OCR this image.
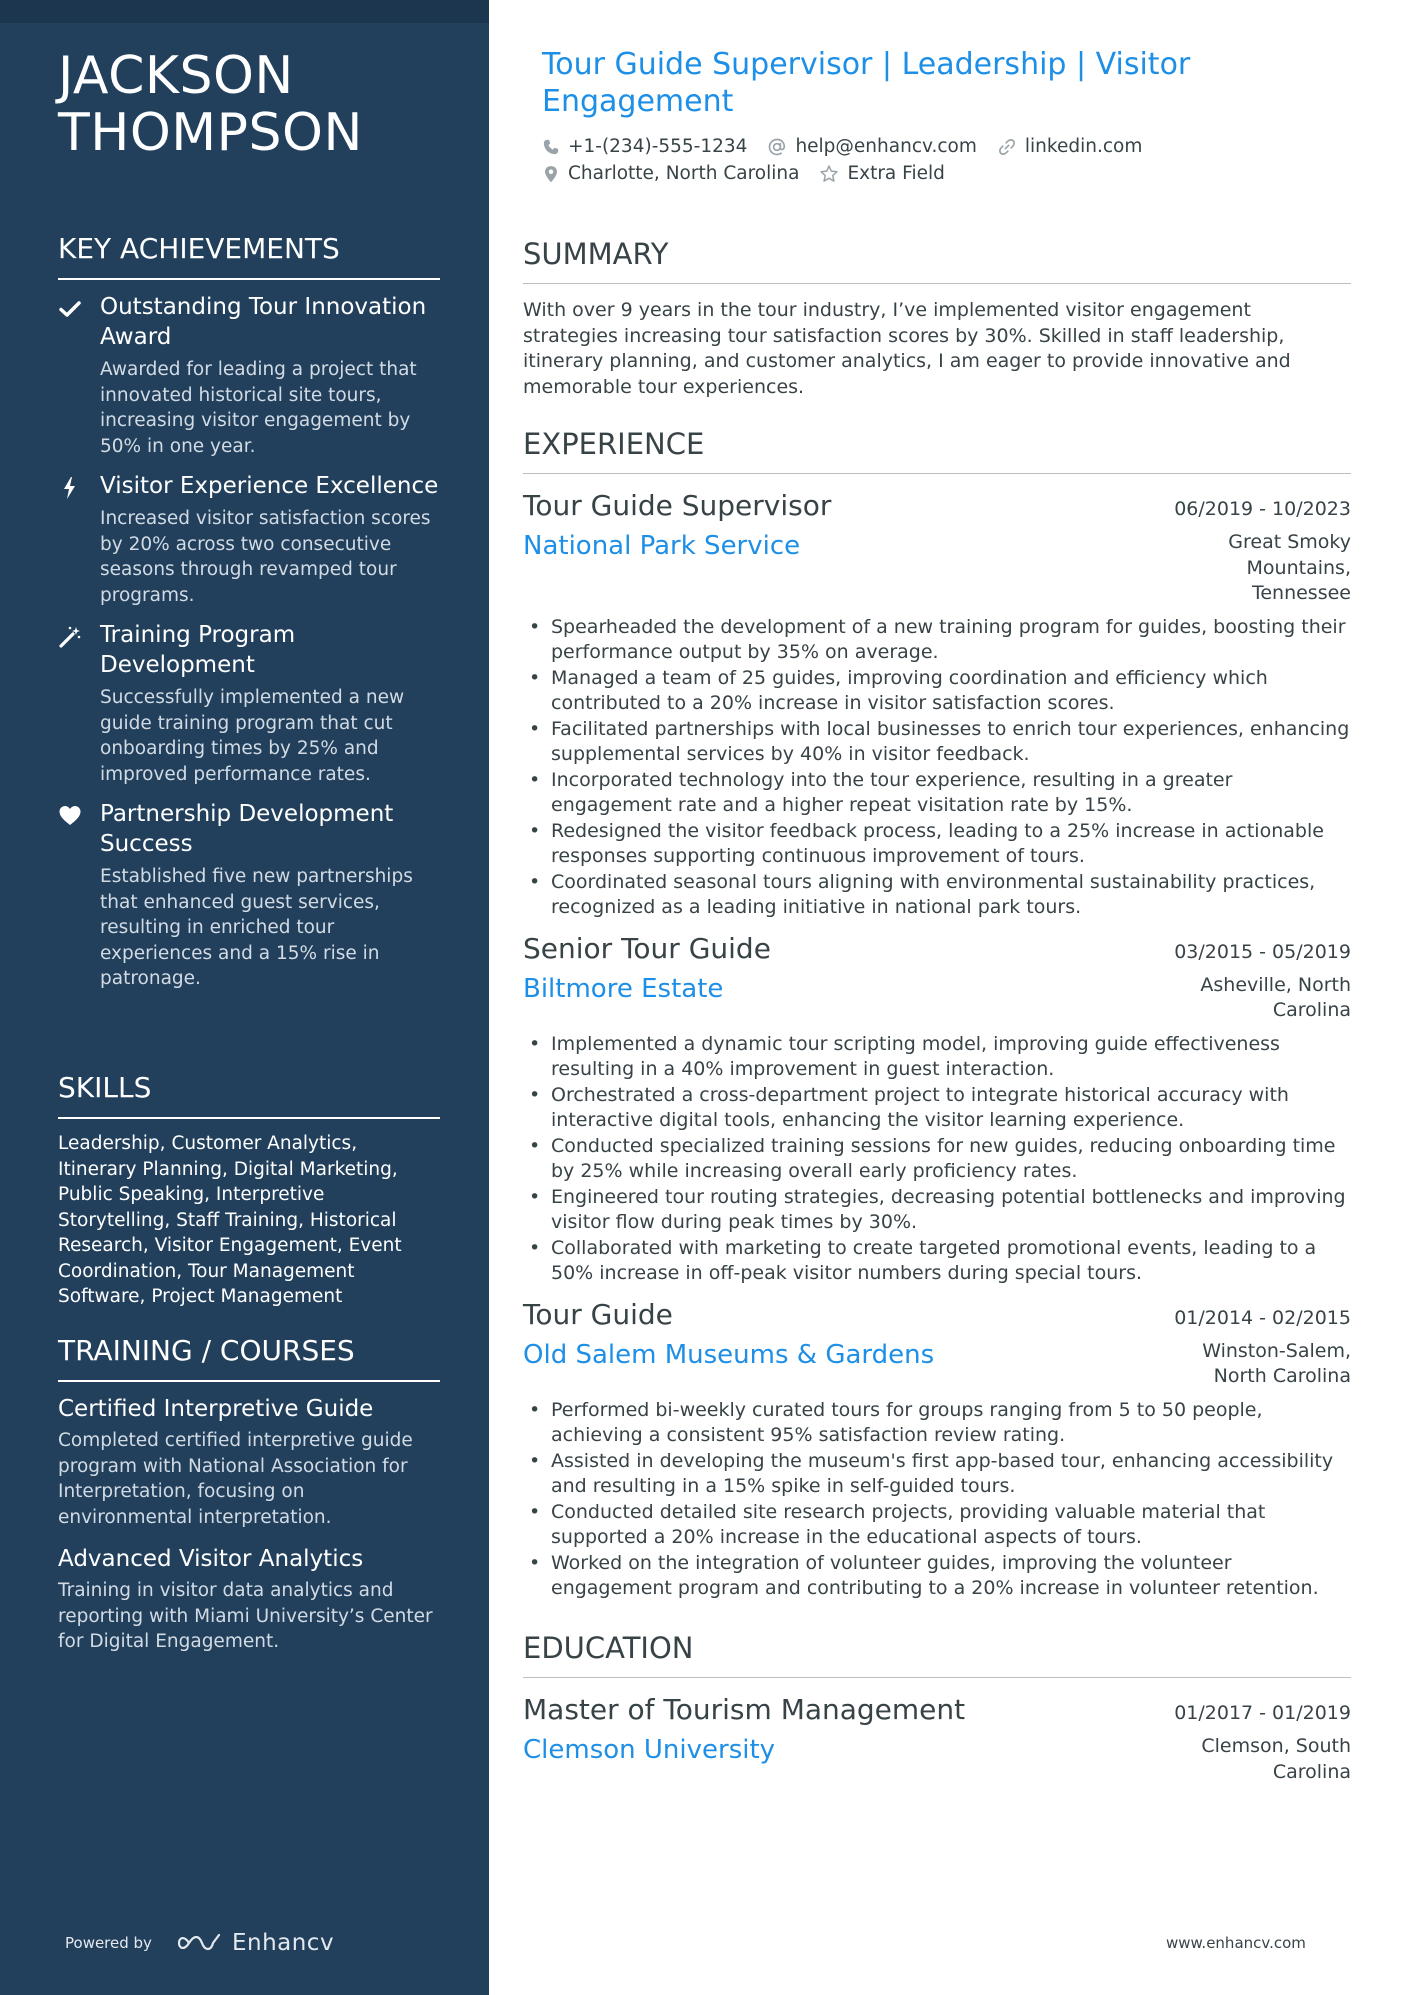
JACKSON
THOMPSON
KEY ACHIEVEMENTS
Outstanding Tour Innovation Award
Awarded for leading a project that innovated historical site tours, increasing visitor engagement by 50% in one year.
Visitor Experience Excellence
Increased visitor satisfaction scores by 20% across two consecutive seasons through revamped tour programs.
Training Program Development
Successfully implemented a new guide training program that cut onboarding times by 25% and improved performance rates.
Partnership Development Success
Established five new partnerships that enhanced guest services, resulting in enriched tour experiences and a 15% rise in patronage.
SKILLS

Leadership, Customer Analytics, Itinerary Planning, Digital Marketing, Public Speaking, Interpretive Storytelling, Staff Training, Historical Research, Visitor Engagement, Event Coordination, Tour Management Software, Project Management

TRAINING / COURSES
Certified Interpretive Guide
Completed certified interpretive guide program with National Association for Interpretation, focusing on environmental interpretation.
Advanced Visitor Analytics
Training in visitor data analytics and reporting with Miami University’s Center for Digital Engagement.
Powered by	Enhancv
Tour Guide Supervisor | Leadership | Visitor Engagement
+1-(234)-555-1234	help@enhancv.com	linkedin.com
Charlotte, North Carolina	Extra Field
SUMMARY

With over 9 years in the tour industry, I’ve implemented visitor engagement strategies increasing tour satisfaction scores by 30%. Skilled in staff leadership, itinerary planning, and customer analytics, I am eager to provide innovative and memorable tour experiences.

EXPERIENCE
Tour Guide Supervisor	06/2019 - 10/2023
National Park Service	Great Smoky Mountains, Tennessee
• Spearheaded the development of a new training program for guides, boosting their performance output by 35% on average.
• Managed a team of 25 guides, improving coordination and efficiency which contributed to a 20% increase in visitor satisfaction scores.
• Facilitated partnerships with local businesses to enrich tour experiences, enhancing supplemental services by 40% in visitor feedback.
• Incorporated technology into the tour experience, resulting in a greater engagement rate and a higher repeat visitation rate by 15%.
• Redesigned the visitor feedback process, leading to a 25% increase in actionable responses supporting continuous improvement of tours.
• Coordinated seasonal tours aligning with environmental sustainability practices, recognized as a leading initiative in national park tours.
Senior Tour Guide	03/2015 - 05/2019
Biltmore Estate	Asheville, North Carolina
• Implemented a dynamic tour scripting model, improving guide effectiveness resulting in a 40% improvement in guest interaction.
• Orchestrated a cross-department project to integrate historical accuracy with interactive digital tools, enhancing the visitor learning experience.
• Conducted specialized training sessions for new guides, reducing onboarding time by 25% while increasing overall early proficiency rates.
• Engineered tour routing strategies, decreasing potential bottlenecks and improving visitor flow during peak times by 30%.
• Collaborated with marketing to create targeted promotional events, leading to a 50% increase in off-peak visitor numbers during special tours.
Tour Guide	01/2014 - 02/2015
Old Salem Museums & Gardens	Winston-Salem, North Carolina
• Performed bi-weekly curated tours for groups ranging from 5 to 50 people, achieving a consistent 95% satisfaction review rating.
• Assisted in developing the museum's first app-based tour, enhancing accessibility and resulting in a 15% spike in self-guided tours.
• Conducted detailed site research projects, providing valuable material that supported a 20% increase in the educational aspects of tours.
• Worked on the integration of volunteer guides, improving the volunteer engagement program and contributing to a 20% increase in volunteer retention.
EDUCATION
Master of Tourism Management	01/2017 - 01/2019
Clemson University	Clemson, South Carolina
www.enhancv.com
